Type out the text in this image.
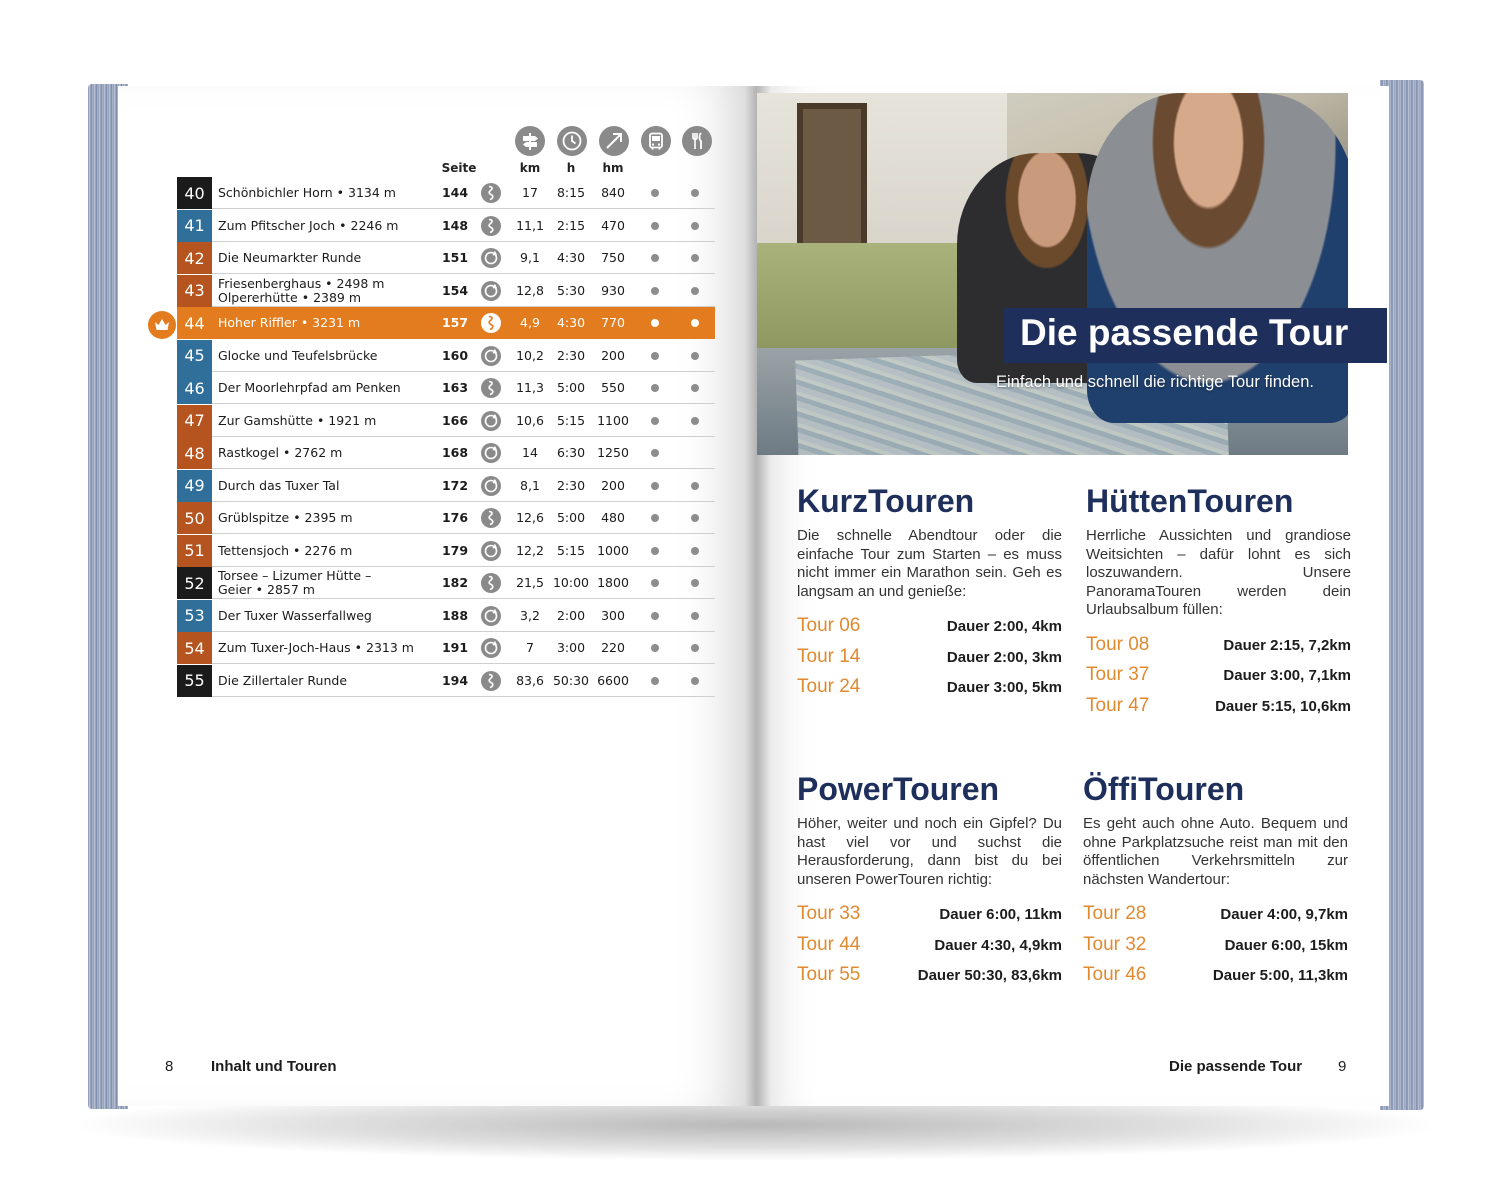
Seite	km	h	hm
40	Schönbichler Horn • 3134 m	144	17	8:15	840
41	Zum Pfitscher Joch • 2246 m	148	11,1	2:15	470
42	Die Neumarkter Runde	151	9,1	4:30	750
43	Friesenberghaus • 2498 m
Olpererhütte • 2389 m	154	12,8	5:30	930
44	Hoher Riffler • 3231 m	157	4,9	4:30	770
45	Glocke und Teufelsbrücke	160	10,2	2:30	200
46	Der Moorlehrpfad am Penken	163	11,3	5:00	550
47	Zur Gamshütte • 1921 m	166	10,6	5:15 1100
48	Rastkogel • 2762 m	168	14	6:30 1250
49	Durch das Tuxer Tal	172	8,1	2:30	200
50	Grüblspitze • 2395 m	176	12,6	5:00	480
51	Tettensjoch • 2276 m	179	12,2	5:15 1000
52	Torsee – Lizumer Hütte –
Geier • 2857 m	182	21,5 10:00 1800
53	Der Tuxer Wasserfallweg	188	3,2	2:00	300
54	Zum Tuxer-Joch-Haus • 2313 m	191	7	3:00	220
55	Die Zillertaler Runde	194	83,6 50:30 6600
Die passende Tour
Einfach und schnell die richtige Tour finden.
KurzTouren

Die schnelle Abendtour oder die einfache Tour zum Starten – es muss nicht immer ein Marathon sein. Geh es langsam an und genieße:

Tour 06	Dauer 2:00, 4km
Tour 14	Dauer 2:00, 3km
Tour 24	Dauer 3:00, 5km
HüttenTouren

Herrliche Aussichten und grandiose Weitsichten – dafür lohnt es sich loszuwandern. Unsere PanoramaTouren werden dein Urlaubsalbum füllen:

Tour 08	Dauer 2:15, 7,2km
Tour 37	Dauer 3:00, 7,1km
Tour 47	Dauer 5:15, 10,6km
PowerTouren

Höher, weiter und noch ein Gipfel? Du hast viel vor und suchst die Herausforderung, dann bist du bei unseren PowerTouren richtig:

Tour 33	Dauer 6:00, 11km
Tour 44	Dauer 4:30, 4,9km
Tour 55	Dauer 50:30, 83,6km
ÖffiTouren

Es geht auch ohne Auto. Bequem und ohne Parkplatzsuche reist man mit den öffentlichen Verkehrsmitteln zur nächsten Wandertour:

Tour 28	Dauer 4:00, 9,7km
Tour 32	Dauer 6:00, 15km
Tour 46	Dauer 5:00, 11,3km
8	Inhalt und Touren	Die passende Tour 9
